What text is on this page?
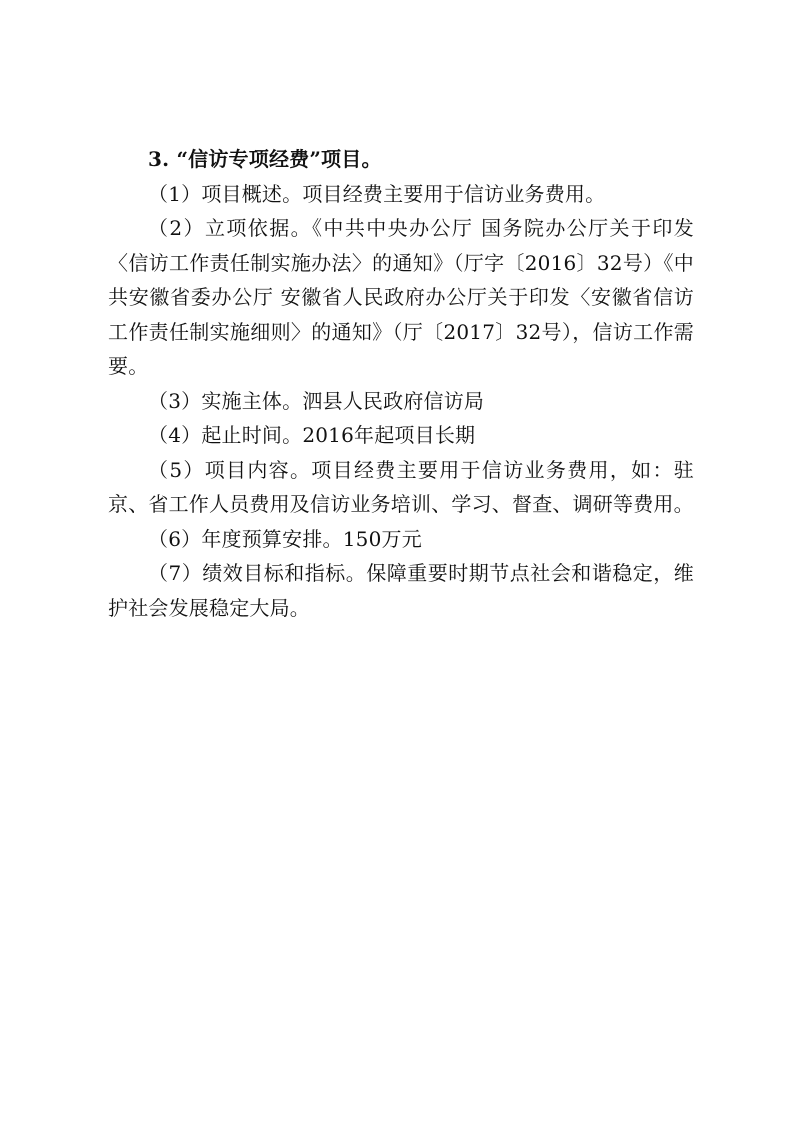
3. “信访专项经费”项目。

（1）项目概述。项目经费主要用于信访业务费用。

（2）立项依据。《中共中央办公厅 国务院办公厅关于印发〈信访工作责任制实施办法〉的通知》（厅字〔2016〕32号）《中共安徽省委办公厅 安徽省人民政府办公厅关于印发〈安徽省信访工作责任制实施细则〉的通知》（厅〔2017〕32号），信访工作需要。

（3）实施主体。泗县人民政府信访局

（4）起止时间。2016年起项目长期

（5）项目内容。项目经费主要用于信访业务费用，如：驻京、省工作人员费用及信访业务培训、学习、督查、调研等费用。

（6）年度预算安排。150万元

（7）绩效目标和指标。保障重要时期节点社会和谐稳定，维护社会发展稳定大局。
